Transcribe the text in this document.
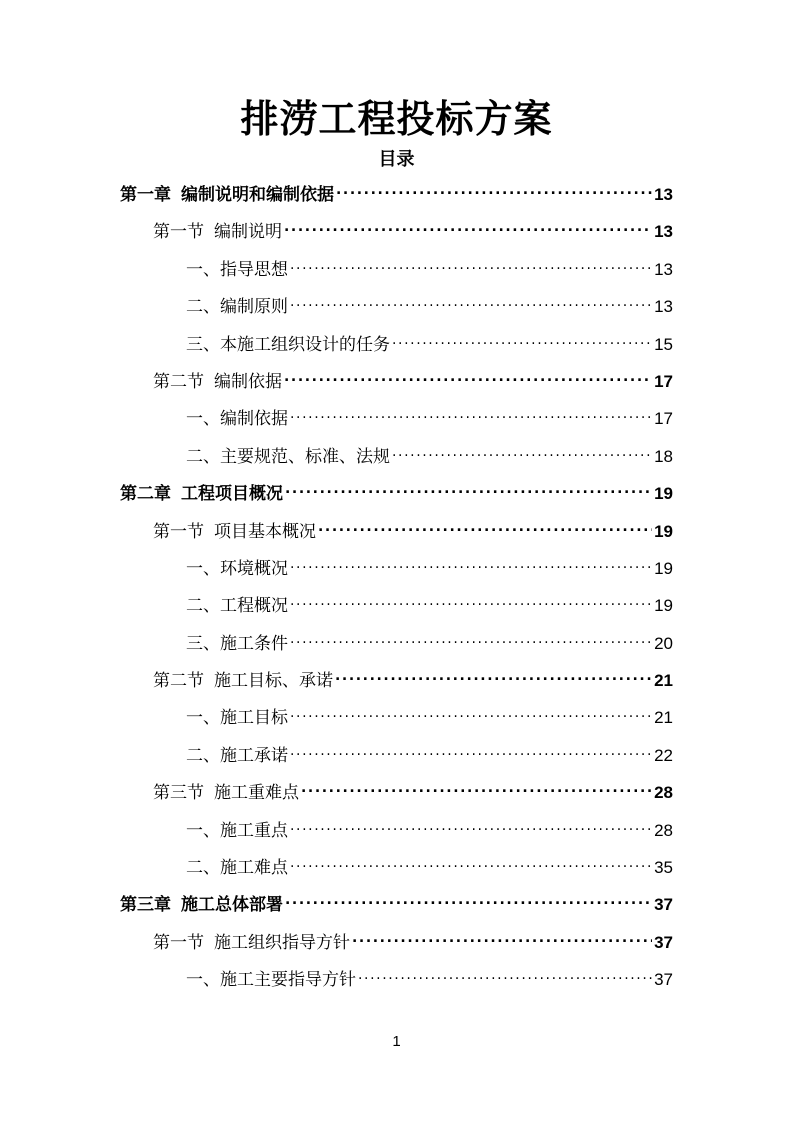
排涝工程投标方案
目录
第一章 编制说明和编制依据 .....	13
第一节 编制说明 .....	13
一、指导思想 .....	13
二、编制原则 .....	13
三、本施工组织设计的任务 .....	15
第二节 编制依据 .....	17
一、编制依据 .....	17
二、主要规范、标准、法规 .....	18
第二章 工程项目概况 .....	19
第一节 项目基本概况 .....	19
一、环境概况 .....	19
二、工程概况 .....	19
三、施工条件 .....	20
第二节 施工目标、承诺 .....	21
一、施工目标 .....	21
二、施工承诺 .....	22
第三节 施工重难点 .....	28
一、施工重点 .....	28
二、施工难点 .....	35
第三章 施工总体部署 .....	37
第一节 施工组织指导方针 .....	37
一、施工主要指导方针 .....	37
1
